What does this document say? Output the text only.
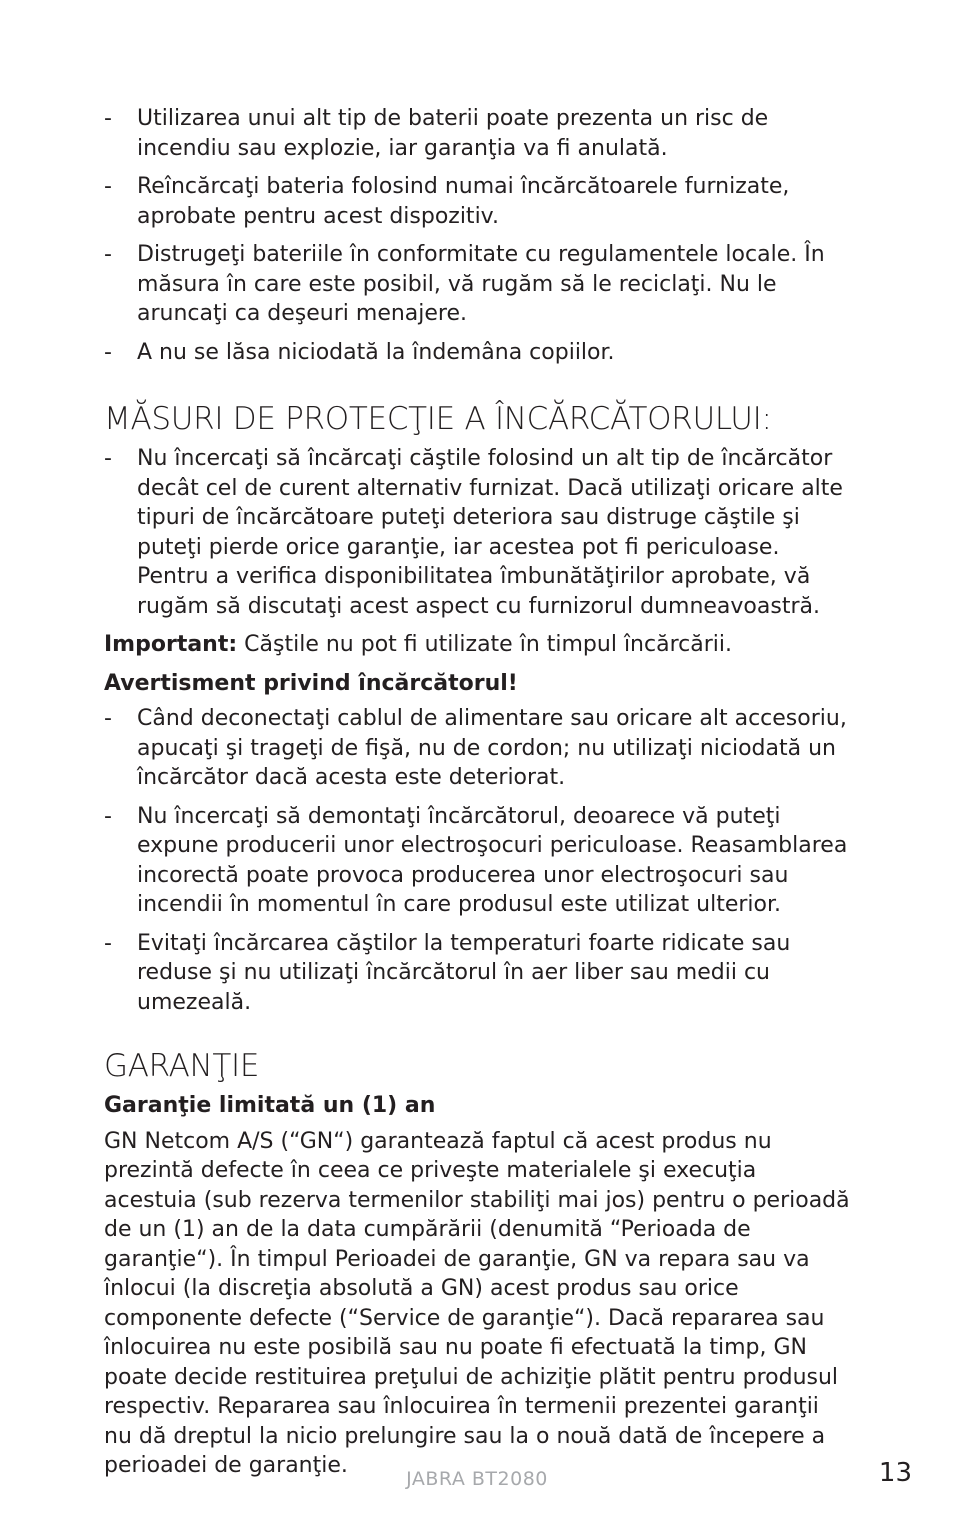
- Utilizarea unui alt tip de baterii poate prezenta un risc de incendiu sau explozie, iar garanţia va fi anulată.
- Reîncărcaţi bateria folosind numai încărcătoarele furnizate, aprobate pentru acest dispozitiv.
- Distrugeţi bateriile în conformitate cu regulamentele locale. În măsura în care este posibil, vă rugăm să le reciclaţi. Nu le aruncaţi ca deşeuri menajere.
- A nu se lăsa niciodată la îndemâna copiilor.
MĂSURI DE PROTECŢIE A ÎNCĂRCĂTORULUI:
- Nu încercaţi să încărcaţi căştile folosind un alt tip de încărcător decât cel de curent alternativ furnizat. Dacă utilizaţi oricare alte tipuri de încărcătoare puteţi deteriora sau distruge căştile şi puteţi pierde orice garanţie, iar acestea pot fi periculoase. Pentru a verifica disponibilitatea îmbunătăţirilor aprobate, vă rugăm să discutaţi acest aspect cu furnizorul dumneavoastră.

Important: Căştile nu pot fi utilizate în timpul încărcării.

Avertisment privind încărcătorul!
- Când deconectaţi cablul de alimentare sau oricare alt accesoriu, apucaţi şi trageţi de fişă, nu de cordon; nu utilizaţi niciodată un încărcător dacă acesta este deteriorat.
- Nu încercaţi să demontaţi încărcătorul, deoarece vă puteţi expune producerii unor electroşocuri periculoase. Reasamblarea incorectă poate provoca producerea unor electroşocuri sau incendii în momentul în care produsul este utilizat ulterior.
- Evitaţi încărcarea căştilor la temperaturi foarte ridicate sau reduse şi nu utilizaţi încărcătorul în aer liber sau medii cu umezeală.
GARANŢIE
Garanţie limitată un (1) an

GN Netcom A/S (“GN“) garantează faptul că acest produs nu prezintă defecte în ceea ce priveşte materialele şi execuţia acestuia (sub rezerva termenilor stabiliţi mai jos) pentru o perioadă de un (1) an de la data cumpărării (denumită “Perioada de garanţie“). În timpul Perioadei de garanţie, GN va repara sau va înlocui (la discreţia absolută a GN) acest produs sau orice componente defecte (“Service de garanţie“). Dacă repararea sau înlocuirea nu este posibilă sau nu poate fi efectuată la timp, GN poate decide restituirea preţului de achiziţie plătit pentru produsul respectiv. Repararea sau înlocuirea în termenii prezentei garanţii nu dă dreptul la nicio prelungire sau la o nouă dată de începere a perioadei de garanţie.

JABRA BT2080	13
